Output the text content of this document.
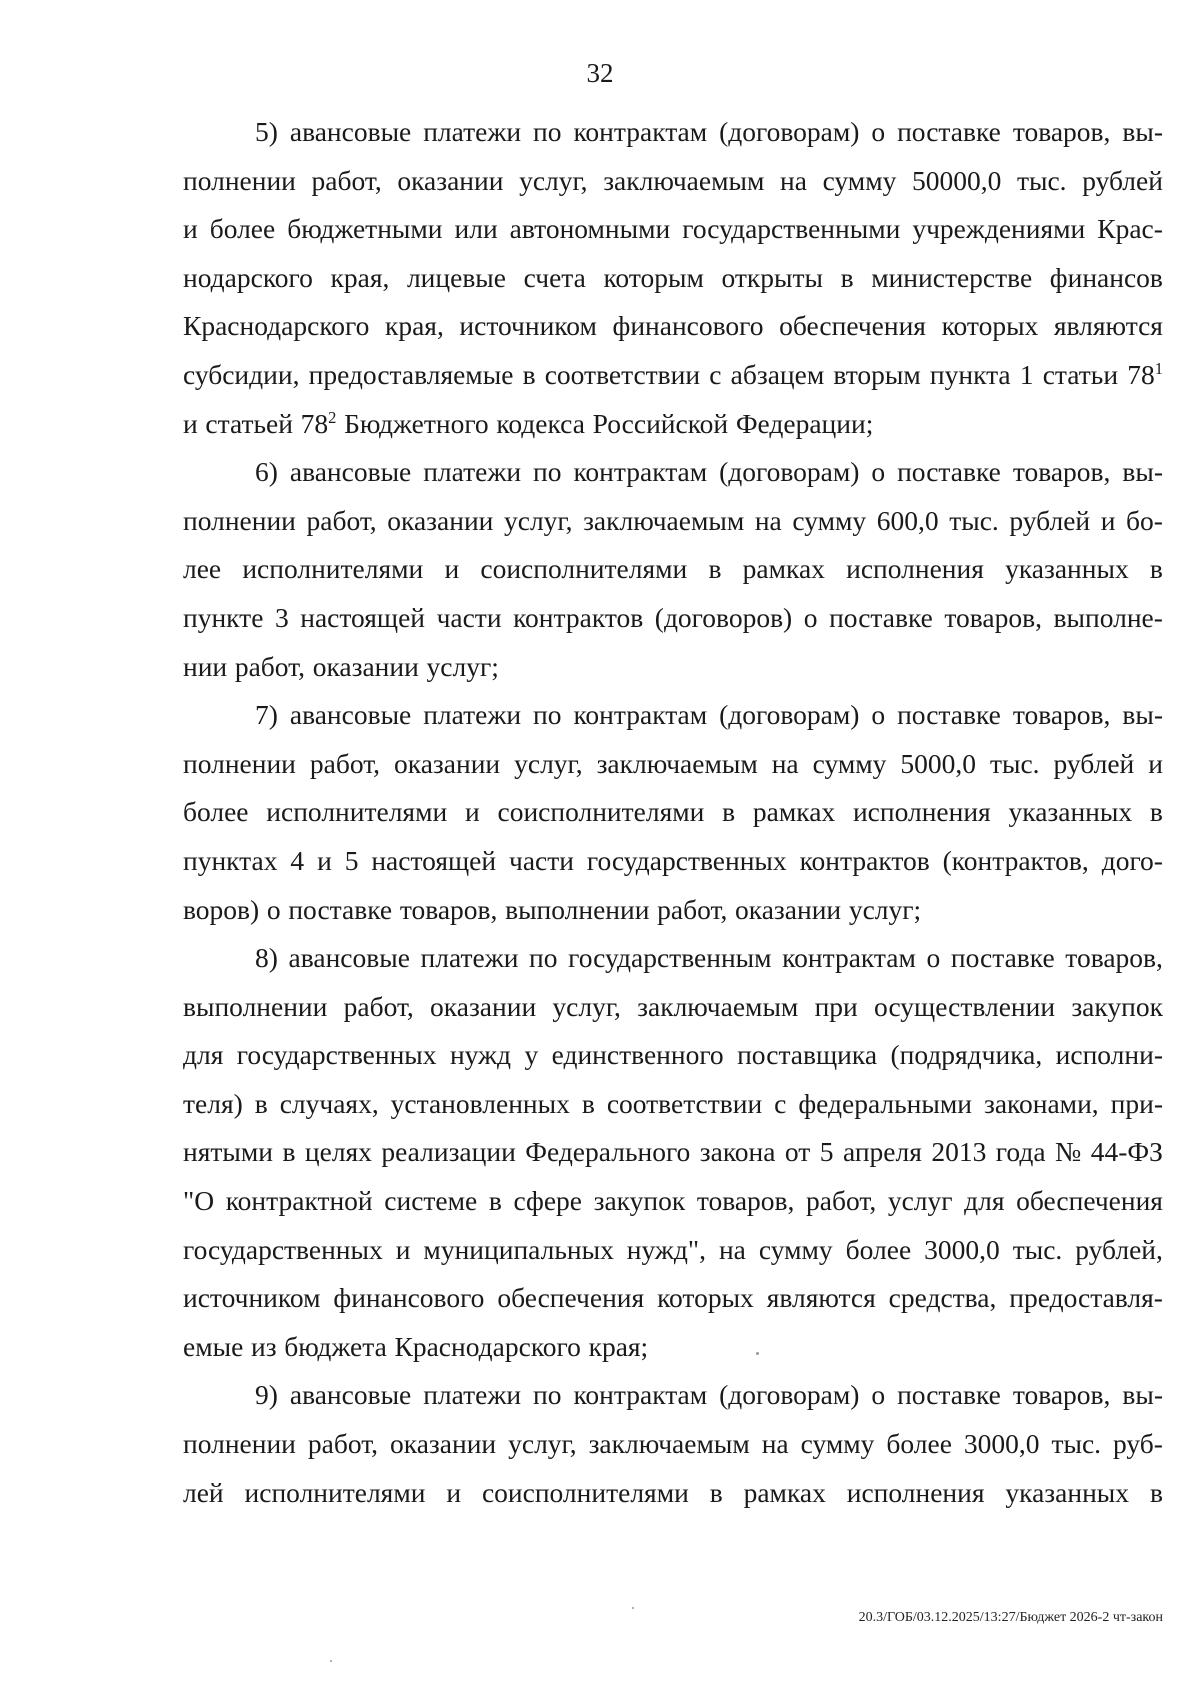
32
5) авансовые платежи по контрактам (договорам) о поставке товаров, вы-
полнении работ, оказании услуг, заключаемым на сумму 50000,0 тыс. рублей
и более бюджетными или автономными государственными учреждениями Крас-
нодарского края, лицевые счета которым открыты в министерстве финансов
Краснодарского края, источником финансового обеспечения которых являются
субсидии, предоставляемые в соответствии с абзацем вторым пункта 1 статьи $78^1$
и статьей $78^2$ Бюджетного кодекса Российской Федерации;
6) авансовые платежи по контрактам (договорам) о поставке товаров, вы-
полнении работ, оказании услуг, заключаемым на сумму 600,0 тыс. рублей и бо-
лее исполнителями и соисполнителями в рамках исполнения указанных в
пункте 3 настоящей части контрактов (договоров) о поставке товаров, выполне-
нии работ, оказании услуг;
7) авансовые платежи по контрактам (договорам) о поставке товаров, вы-
полнении работ, оказании услуг, заключаемым на сумму 5000,0 тыс. рублей и
более исполнителями и соисполнителями в рамках исполнения указанных в
пунктах 4 и 5 настоящей части государственных контрактов (контрактов, дого-
воров) о поставке товаров, выполнении работ, оказании услуг;
8) авансовые платежи по государственным контрактам о поставке товаров,
выполнении работ, оказании услуг, заключаемым при осуществлении закупок
для государственных нужд у единственного поставщика (подрядчика, исполни-
теля) в случаях, установленных в соответствии с федеральными законами, при-
нятыми в целях реализации Федерального закона от 5 апреля 2013 года № 44-ФЗ
"О контрактной системе в сфере закупок товаров, работ, услуг для обеспечения
государственных и муниципальных нужд", на сумму более 3000,0 тыс. рублей,
источником финансового обеспечения которых являются средства, предоставля-
емые из бюджета Краснодарского края;
9) авансовые платежи по контрактам (договорам) о поставке товаров, вы-
полнении работ, оказании услуг, заключаемым на сумму более 3000,0 тыс. руб-
лей исполнителями и соисполнителями в рамках исполнения указанных в
20.3/ГОБ/03.12.2025/13:27/Бюджет 2026-2 чт-закон
